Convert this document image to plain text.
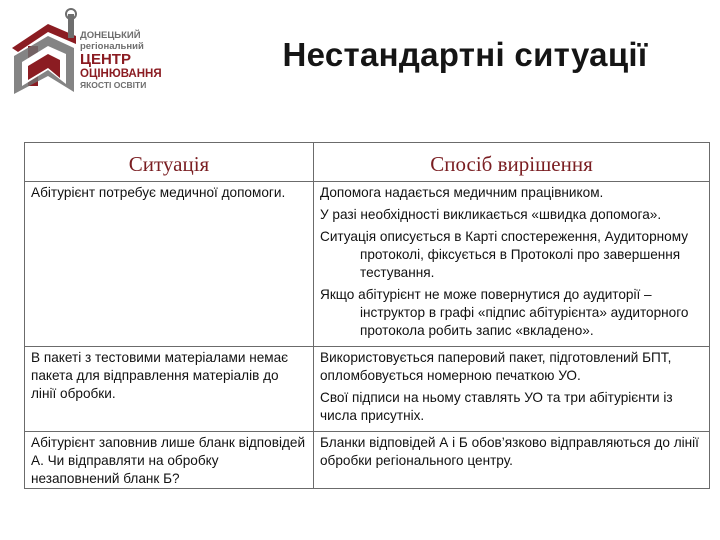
ДОНЕЦЬКИЙ
регіональний
ЦЕНТР
ОЦІНЮВАННЯ
ЯКОСТІ ОСВІТИ
Нестандартні ситуації
Ситуація	Спосіб вирішення
Абітурієнт потребує медичної допомоги.	Допомога надається медичним працівником.
У разі необхідності викликається «швидка допомога».
Ситуація описується в Карті спостереження, Аудиторному протоколі, фіксується в Протоколі про завершення тестування.
Якщо абітурієнт не може повернутися до аудиторії – інструктор в графі «підпис абітурієнта» аудиторного протокола робить запис «вкладено».

В пакеті з тестовими матеріалами немає пакета для відправлення матеріалів до лінії обробки.	Використовується паперовий пакет, підготовлений БПТ, опломбовується номерною печаткою УО.
Свої підписи на ньому ставлять УО та три абітурієнти із числа присутніх.

Абітурієнт заповнив лише бланк відповідей А. Чи відправляти на обробку незаповнений бланк Б?	Бланки відповідей А і Б обов’язково відправляються до лінії обробки регіонального центру.
